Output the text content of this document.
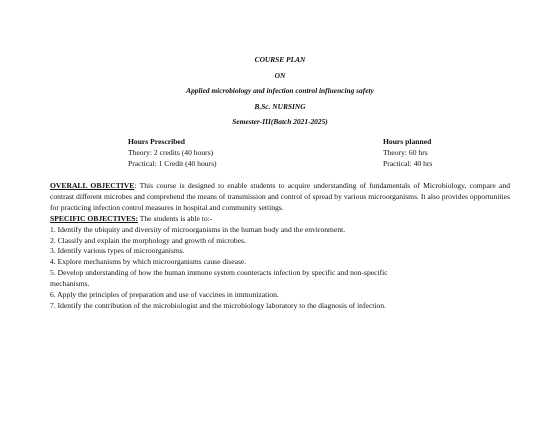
COURSE PLAN
ON
Applied microbiology and infection control influencing safety
B.Sc. NURSING
Semester-III(Batch 2021-2025)
Hours Prescribed
Theory: 2 credits (40 hours)
Practical: 1 Credit (40 hours)
Hours planned
Theory: 60 hrs
Practical: 40 hrs

OVERALL OBJECTIVE: This course is designed to enable students to acquire understanding of fundamentals of Microbiology, compare and contrast different microbes and comprehend the means of transmission and control of spread by various microorganisms. It also provides opportunities for practicing infection control measures in hospital and community settings.

SPECIFIC OBJECTIVES: The students is able to:-

1. Identify the ubiquity and diversity of microorganisms in the human body and the environment.
2. Classify and explain the morphology and growth of microbes.
3. Identify various types of microorganisms.
4. Explore mechanisms by which microorganisms cause disease.
5. Develop understanding of how the human immune system counteracts infection by specific and non-specific
mechanisms.
6. Apply the principles of preparation and use of vaccines in immunization.
7. Identify the contribution of the microbiologist and the microbiology laboratory to the diagnosis of infection.
